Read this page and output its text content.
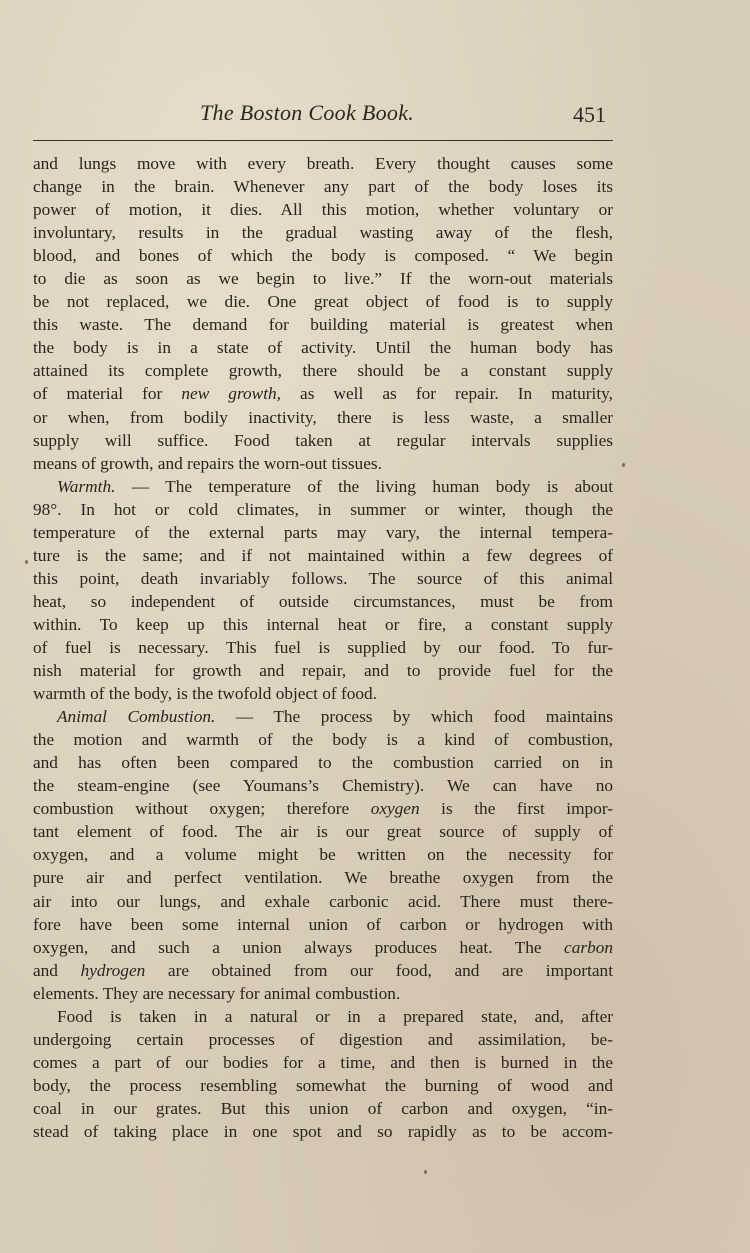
The Boston Cook Book.	451
and lungs move with every breath. Every thought causes some
change in the brain. Whenever any part of the body loses its
power of motion, it dies. All this motion, whether voluntary or
involuntary, results in the gradual wasting away of the flesh,
blood, and bones of which the body is composed. “ We begin
to die as soon as we begin to live.” If the worn-out materials
be not replaced, we die. One great object of food is to supply
this waste. The demand for building material is greatest when
the body is in a state of activity. Until the human body has
attained its complete growth, there should be a constant supply
of material for new growth, as well as for repair. In maturity,
or when, from bodily inactivity, there is less waste, a smaller
supply will suffice. Food taken at regular intervals supplies
means of growth, and repairs the worn-out tissues.
Warmth. — The temperature of the living human body is about
98°. In hot or cold climates, in summer or winter, though the
temperature of the external parts may vary, the internal tempera-
ture is the same; and if not maintained within a few degrees of
this point, death invariably follows. The source of this animal
heat, so independent of outside circumstances, must be from
within. To keep up this internal heat or fire, a constant supply
of fuel is necessary. This fuel is supplied by our food. To fur-
nish material for growth and repair, and to provide fuel for the
warmth of the body, is the twofold object of food.
Animal Combustion. — The process by which food maintains
the motion and warmth of the body is a kind of combustion,
and has often been compared to the combustion carried on in
the steam-engine (see Youmans’s Chemistry). We can have no
combustion without oxygen; therefore oxygen is the first impor-
tant element of food. The air is our great source of supply of
oxygen, and a volume might be written on the necessity for
pure air and perfect ventilation. We breathe oxygen from the
air into our lungs, and exhale carbonic acid. There must there-
fore have been some internal union of carbon or hydrogen with
oxygen, and such a union always produces heat. The carbon
and hydrogen are obtained from our food, and are important
elements. They are necessary for animal combustion.
Food is taken in a natural or in a prepared state, and, after
undergoing certain processes of digestion and assimilation, be-
comes a part of our bodies for a time, and then is burned in the
body, the process resembling somewhat the burning of wood and
coal in our grates. But this union of carbon and oxygen, “in-
stead of taking place in one spot and so rapidly as to be accom-
